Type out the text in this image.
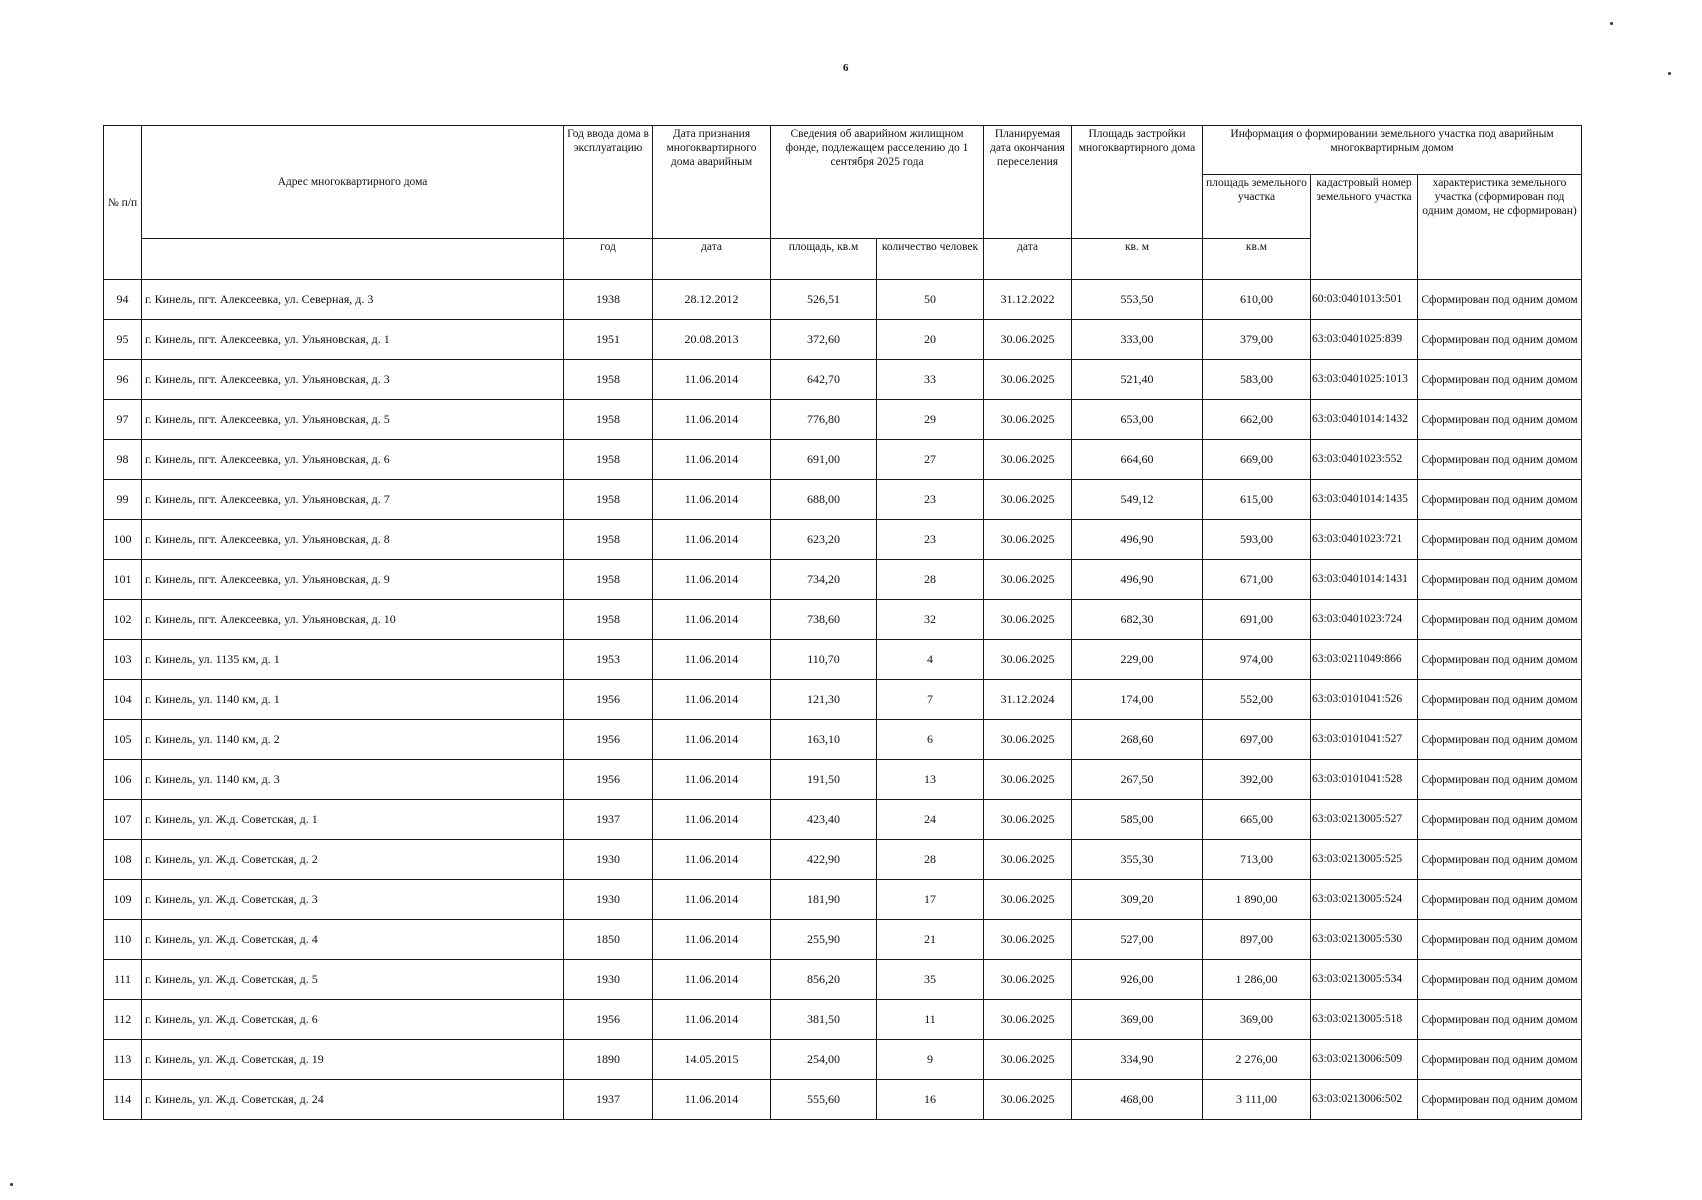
6
№ п/п	Адрес многоквартирного дома	Год ввода дома в эксплуатацию	Дата признания многоквартирного дома аварийным	Сведения об аварийном жилищном фонде, подлежащем расселению до 1 сентября 2025 года		Планируемая дата окончания переселения	Площадь застройки многоквартирного дома	Информация о формировании земельного участка под аварийным многоквартирным домом		
								площадь земельного участка	кадастровый номер земельного участка	характеристика земельного участка (сформирован под одним домом, не сформирован)
		год	дата	площадь, кв.м	количество человек	дата	кв. м	кв.м		
94	г. Кинель, пгт. Алексеевка, ул. Северная, д. 3	1938	28.12.2012	526,51	50	31.12.2022	553,50	610,00	60:03:0401013:501	Сформирован под одним домом
95	г. Кинель, пгт. Алексеевка, ул. Ульяновская, д. 1	1951	20.08.2013	372,60	20	30.06.2025	333,00	379,00	63:03:0401025:839	Сформирован под одним домом
96	г. Кинель, пгт. Алексеевка, ул. Ульяновская, д. 3	1958	11.06.2014	642,70	33	30.06.2025	521,40	583,00	63:03:0401025:1013	Сформирован под одним домом
97	г. Кинель, пгт. Алексеевка, ул. Ульяновская, д. 5	1958	11.06.2014	776,80	29	30.06.2025	653,00	662,00	63:03:0401014:1432	Сформирован под одним домом
98	г. Кинель, пгт. Алексеевка, ул. Ульяновская, д. 6	1958	11.06.2014	691,00	27	30.06.2025	664,60	669,00	63:03:0401023:552	Сформирован под одним домом
99	г. Кинель, пгт. Алексеевка, ул. Ульяновская, д. 7	1958	11.06.2014	688,00	23	30.06.2025	549,12	615,00	63:03:0401014:1435	Сформирован под одним домом
100	г. Кинель, пгт. Алексеевка, ул. Ульяновская, д. 8	1958	11.06.2014	623,20	23	30.06.2025	496,90	593,00	63:03:0401023:721	Сформирован под одним домом
101	г. Кинель, пгт. Алексеевка, ул. Ульяновская, д. 9	1958	11.06.2014	734,20	28	30.06.2025	496,90	671,00	63:03:0401014:1431	Сформирован под одним домом
102	г. Кинель, пгт. Алексеевка, ул. Ульяновская, д. 10	1958	11.06.2014	738,60	32	30.06.2025	682,30	691,00	63:03:0401023:724	Сформирован под одним домом
103	г. Кинель, ул. 1135 км, д. 1	1953	11.06.2014	110,70	4	30.06.2025	229,00	974,00	63:03:0211049:866	Сформирован под одним домом
104	г. Кинель, ул. 1140 км, д. 1	1956	11.06.2014	121,30	7	31.12.2024	174,00	552,00	63:03:0101041:526	Сформирован под одним домом
105	г. Кинель, ул. 1140 км, д. 2	1956	11.06.2014	163,10	6	30.06.2025	268,60	697,00	63:03:0101041:527	Сформирован под одним домом
106	г. Кинель, ул. 1140 км, д. 3	1956	11.06.2014	191,50	13	30.06.2025	267,50	392,00	63:03:0101041:528	Сформирован под одним домом
107	г. Кинель, ул. Ж.д. Советская, д. 1	1937	11.06.2014	423,40	24	30.06.2025	585,00	665,00	63:03:0213005:527	Сформирован под одним домом
108	г. Кинель, ул. Ж.д. Советская, д. 2	1930	11.06.2014	422,90	28	30.06.2025	355,30	713,00	63:03:0213005:525	Сформирован под одним домом
109	г. Кинель, ул. Ж.д. Советская, д. 3	1930	11.06.2014	181,90	17	30.06.2025	309,20	1 890,00	63:03:0213005:524	Сформирован под одним домом
110	г. Кинель, ул. Ж.д. Советская, д. 4	1850	11.06.2014	255,90	21	30.06.2025	527,00	897,00	63:03:0213005:530	Сформирован под одним домом
111	г. Кинель, ул. Ж.д. Советская, д. 5	1930	11.06.2014	856,20	35	30.06.2025	926,00	1 286,00	63:03:0213005:534	Сформирован под одним домом
112	г. Кинель, ул. Ж.д. Советская, д. 6	1956	11.06.2014	381,50	11	30.06.2025	369,00	369,00	63:03:0213005:518	Сформирован под одним домом
113	г. Кинель, ул. Ж.д. Советская, д. 19	1890	14.05.2015	254,00	9	30.06.2025	334,90	2 276,00	63:03:0213006:509	Сформирован под одним домом
114	г. Кинель, ул. Ж.д. Советская, д. 24	1937	11.06.2014	555,60	16	30.06.2025	468,00	3 111,00	63:03:0213006:502	Сформирован под одним домом
